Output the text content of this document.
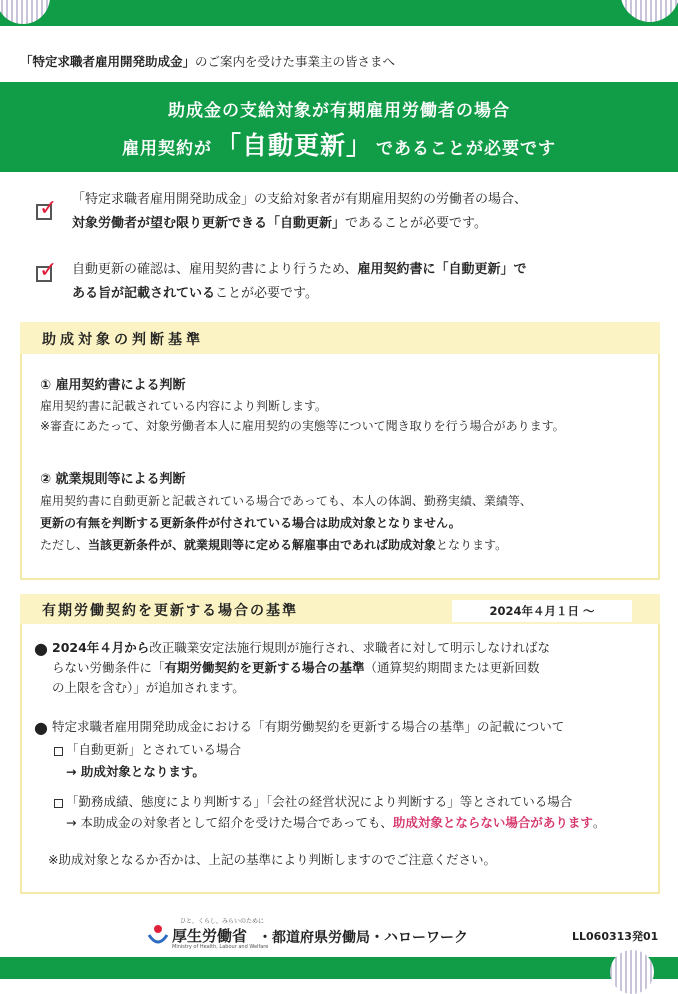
「特定求職者雇用開発助成金」のご案内を受けた事業主の皆さまへ
助成金の支給対象が有期雇用労働者の場合
雇用契約が 「自動更新」 であることが必要です
✓ 「特定求職者雇用開発助成金」の支給対象者が有期雇用契約の労働者の場合、
対象労働者が望む限り更新できる「自動更新」であることが必要です。
✓ 自動更新の確認は、雇用契約書により行うため、雇用契約書に「自動更新」で
ある旨が記載されていることが必要です。
助成対象の判断基準
① 雇用契約書による判断
雇用契約書に記載されている内容により判断します。
※審査にあたって、対象労働者本人に雇用契約の実態等について聞き取りを行う場合があります。
② 就業規則等による判断
雇用契約書に自動更新と記載されている場合であっても、本人の体調、勤務実績、業績等、
更新の有無を判断する更新条件が付されている場合は助成対象となりません。
ただし、当該更新条件が、就業規則等に定める解雇事由であれば助成対象となります。
有期労働契約を更新する場合の基準	2024年４月１日 ～
● 2024年４月から改正職業安定法施行規則が施行され、求職者に対して明示しなければな
らない労働条件に「有期労働契約を更新する場合の基準（通算契約期間または更新回数
の上限を含む）」が追加されます。
● 特定求職者雇用開発助成金における「有期労働契約を更新する場合の基準」の記載について
「自動更新」とされている場合
→ 助成対象となります。
「勤務成績、態度により判断する」「会社の経営状況により判断する」等とされている場合
→ 本助成金の対象者として紹介を受けた場合であっても、助成対象とならない場合があります。
※助成対象となるか否かは、上記の基準により判断しますのでご注意ください。
ひと，くらし，みらいのために
厚生労働省
Ministry of Health, Labour and Welfare
・都道府県労働局・ハローワーク	LL060313発01
